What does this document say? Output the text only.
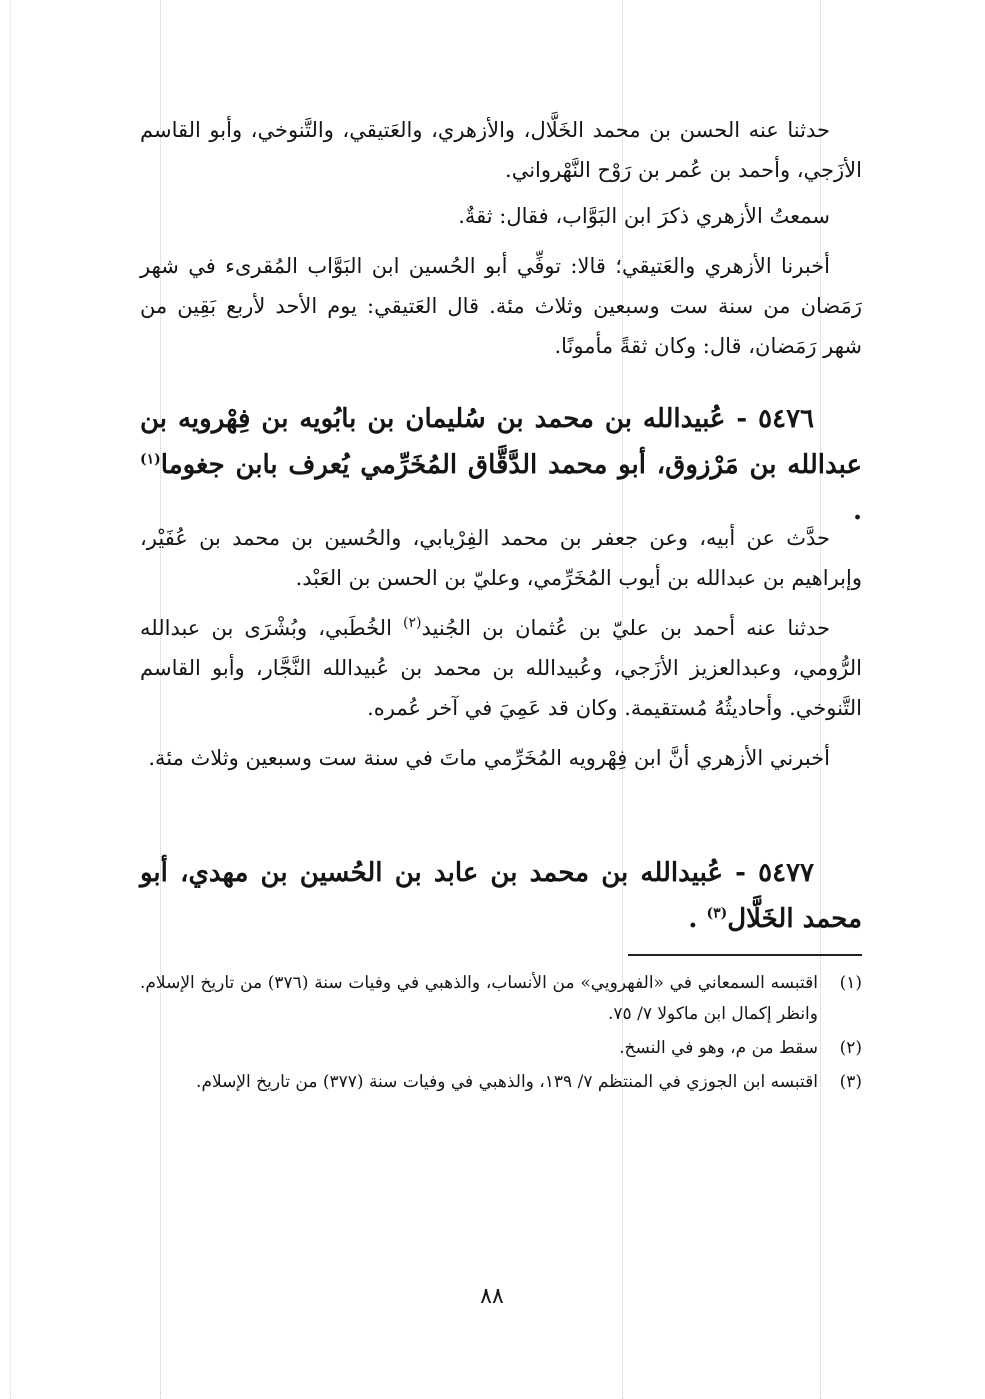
حدثنا عنه الحسن بن محمد الخَلَّال، والأزهري، والعَتيقي، والتَّنوخي، وأبو القاسم الأزَجي، وأحمد بن عُمر بن رَوْح النَّهْرواني.

سمعتُ الأزهري ذكرَ ابن البَوَّاب، فقال: ثقةٌ.

أخبرنا الأزهري والعَتيقي؛ قالا: توفِّي أبو الحُسين ابن البَوَّاب المُقرىء في شهر رَمَضان من سنة ست وسبعين وثلاث مئة. قال العَتيقي: يوم الأحد لأربع بَقِين من شهر رَمَضان، قال: وكان ثقةً مأمونًا.

٥٤٧٦ - عُبيدالله بن محمد بن سُليمان بن بابُويه بن فِهْرويه بن عبدالله بن مَرْزوق، أبو محمد الدَّقَّاق المُخَرِّمي يُعرف بابن جغوما$^{(١)}$ .

حدَّث عن أبيه، وعن جعفر بن محمد الفِرْيابي، والحُسين بن محمد بن عُفَيْر، وإبراهيم بن عبدالله بن أيوب المُخَرِّمي، وعليّ بن الحسن بن العَبْد.

حدثنا عنه أحمد بن عليّ بن عُثمان بن الجُنيد$^{(٢)}$ الخُطَبي، وبُشْرَى بن عبدالله الرُّومي، وعبدالعزيز الأزَجي، وعُبيدالله بن محمد بن عُبيدالله النَّجَّار، وأبو القاسم التَّنوخي. وأحاديثُهُ مُستقيمة. وكان قد عَمِيَ في آخر عُمره.

أخبرني الأزهري أنَّ ابن فِهْرويه المُخَرِّمي ماتَ في سنة ست وسبعين وثلاث مئة.

٥٤٧٧ - عُبيدالله بن محمد بن عابد بن الحُسين بن مهدي، أبو محمد الخَلَّال$^{(٣)}$ .

(١)
اقتبسه السمعاني في «الفهرويي» من الأنساب، والذهبي في وفيات سنة (٣٧٦) من تاريخ الإسلام. وانظر إكمال ابن ماكولا ٧/ ٧٥.
(٢)
سقط من م، وهو في النسخ.
(٣)
اقتبسه ابن الجوزي في المنتظم ٧/ ١٣٩، والذهبي في وفيات سنة (٣٧٧) من تاريخ الإسلام.
٨٨
